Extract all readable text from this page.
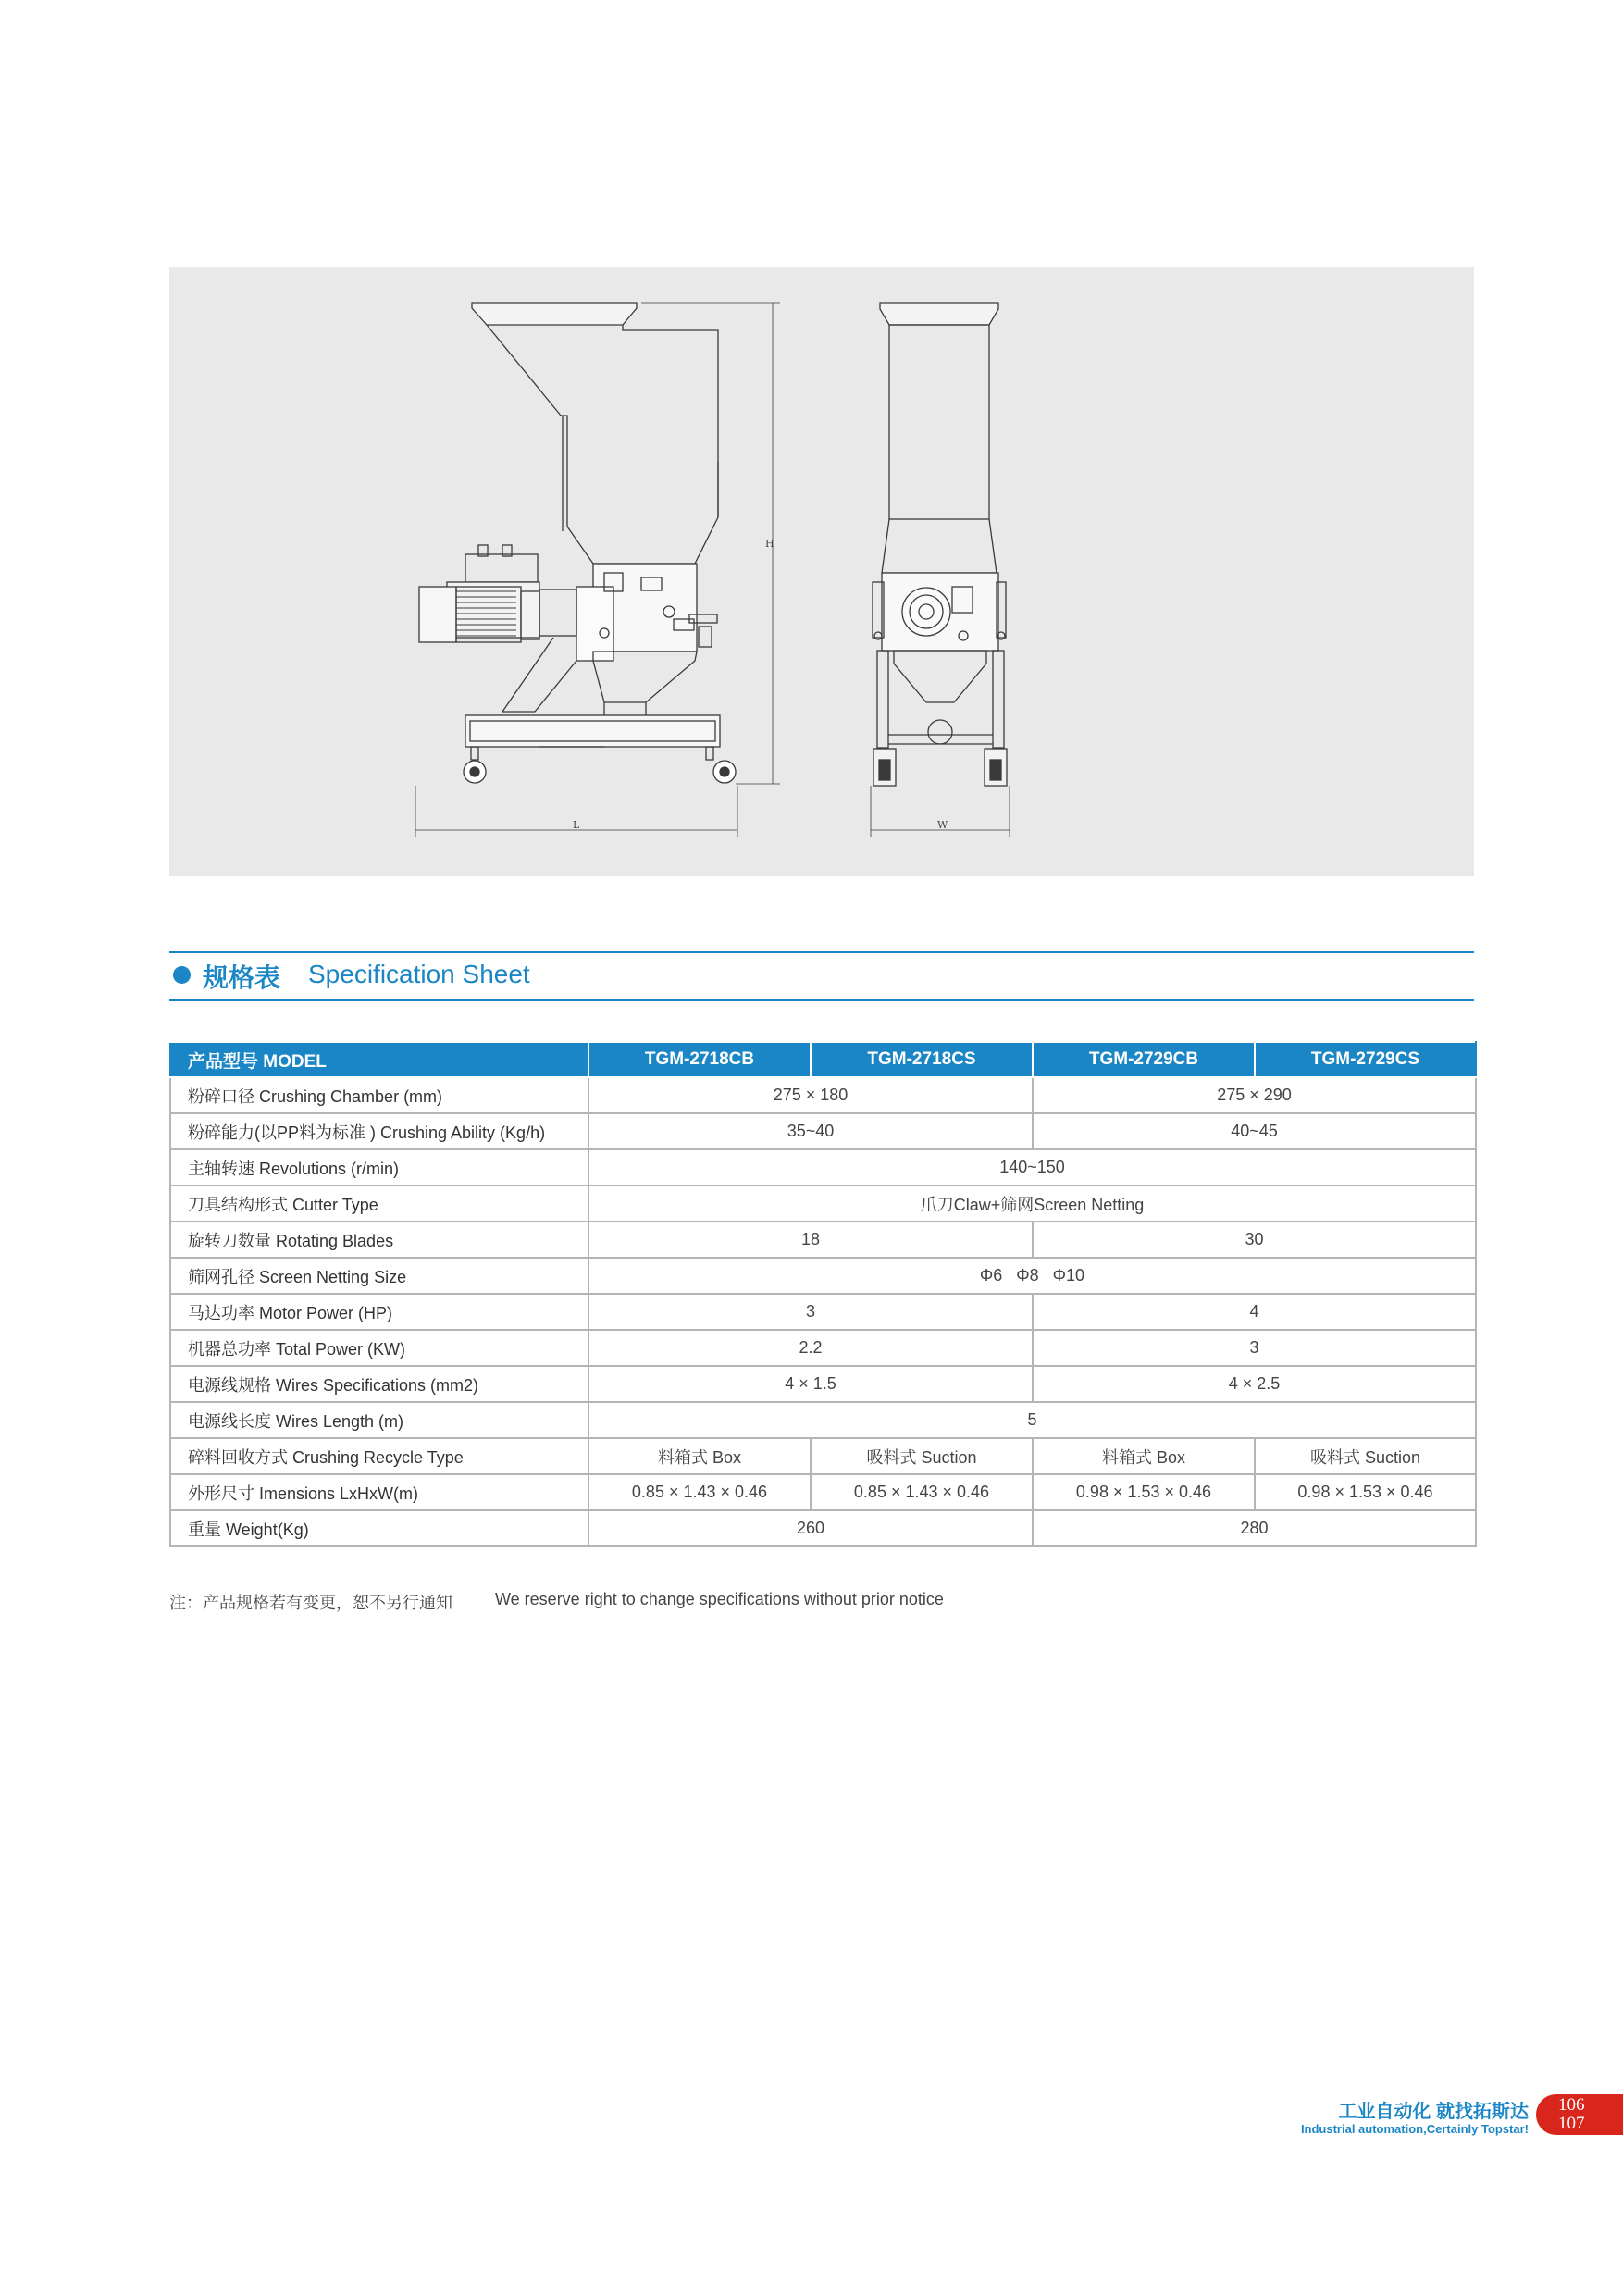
H
L	W
规格表 Specification Sheet
产品型号 MODEL	TGM-2718CB	TGM-2718CS	TGM-2729CB	TGM-2729CS
粉碎口径 Crushing Chamber (mm)	275 × 180		275 × 290	
粉碎能力(以PP料为标准 ) Crushing Ability (Kg/h)	35~40		40~45	
主轴转速 Revolutions (r/min)	140~150			
刀具结构形式 Cutter Type	爪刀Claw+筛网Screen Netting			
旋转刀数量 Rotating Blades	18		30	
筛网孔径 Screen Netting Size	Φ6   Φ8   Φ10			
马达功率 Motor Power (HP)	3		4	
机器总功率 Total Power (KW)	2.2		3	
电源线规格 Wires Specifications (mm2)	4 × 1.5		4 × 2.5	
电源线长度 Wires Length (m)	5			
碎料回收方式 Crushing Recycle Type	料箱式 Box	吸料式 Suction	料箱式 Box	吸料式 Suction
外形尺寸 Imensions LxHxW(m)	0.85 × 1.43 × 0.46	0.85 × 1.43 × 0.46	0.98 × 1.53 × 0.46	0.98 × 1.53 × 0.46
重量 Weight(Kg)	260		280	
注：产品规格若有变更，恕不另行通知	We reserve right to change specifications without prior notice
工业自动化 就找拓斯达
Industrial automation,Certainly Topstar!
106
107
